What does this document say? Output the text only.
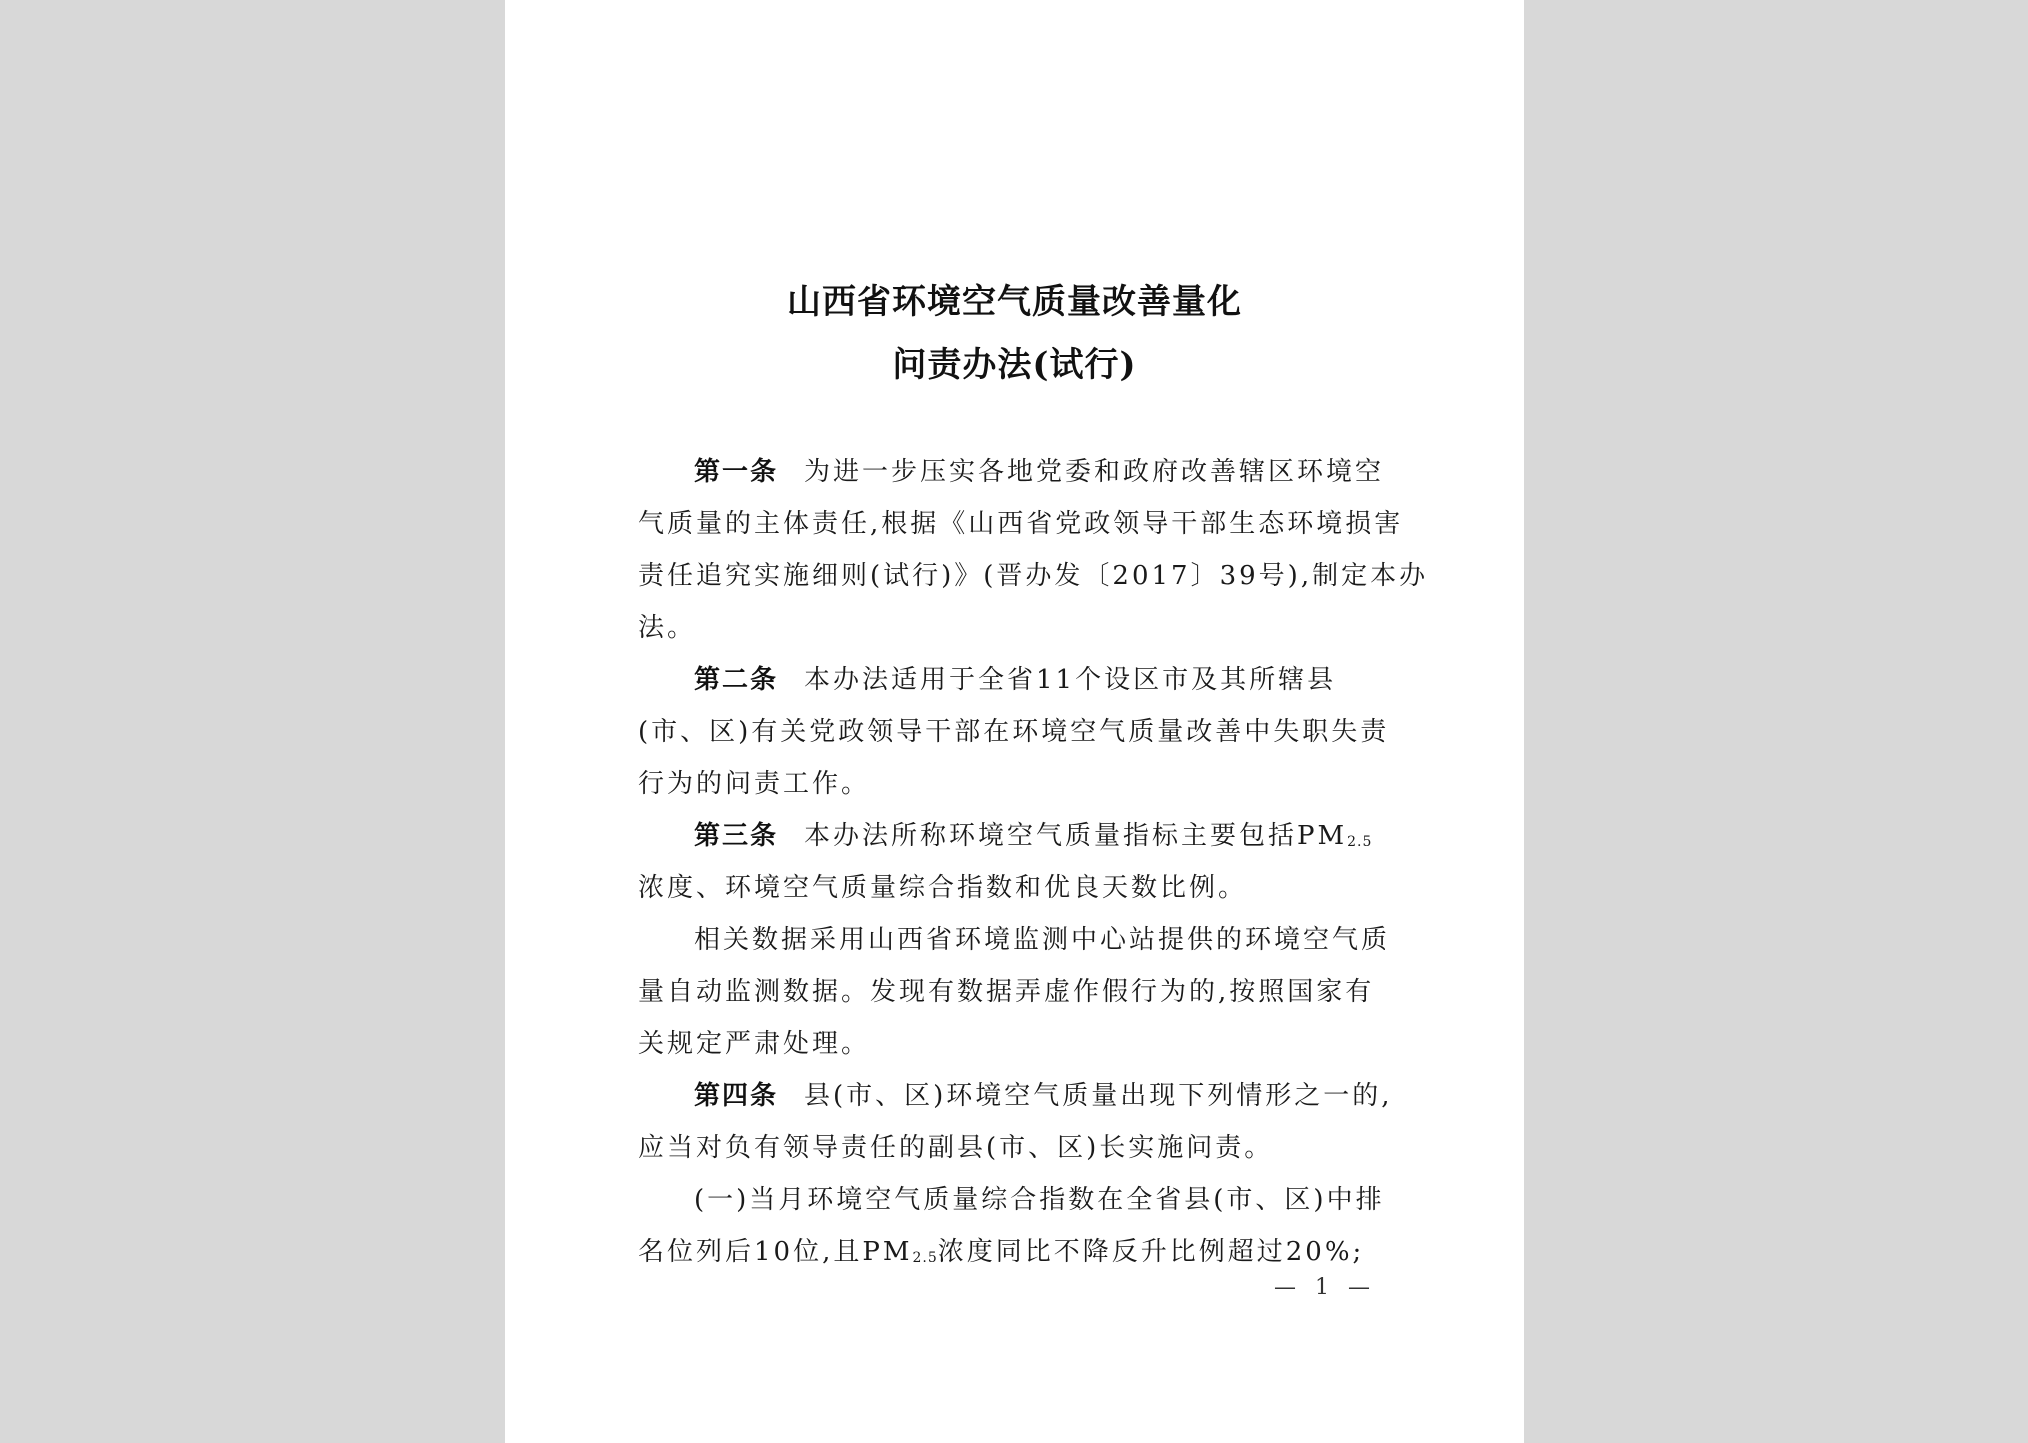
山西省环境空气质量改善量化
问责办法(试行)
第一条 为进一步压实各地党委和政府改善辖区环境空
气质量的主体责任,根据《山西省党政领导干部生态环境损害
责任追究实施细则(试行)》(晋办发〔2017〕39号),制定本办
法。
第二条 本办法适用于全省11个设区市及其所辖县
(市、区)有关党政领导干部在环境空气质量改善中失职失责
行为的问责工作。
第三条 本办法所称环境空气质量指标主要包括PM2.5
浓度、环境空气质量综合指数和优良天数比例。
相关数据采用山西省环境监测中心站提供的环境空气质
量自动监测数据。发现有数据弄虚作假行为的,按照国家有
关规定严肃处理。
第四条 县(市、区)环境空气质量出现下列情形之一的,
应当对负有领导责任的副县(市、区)长实施问责。
(一)当月环境空气质量综合指数在全省县(市、区)中排
名位列后10位,且PM2.5浓度同比不降反升比例超过20%;
— 1 —
